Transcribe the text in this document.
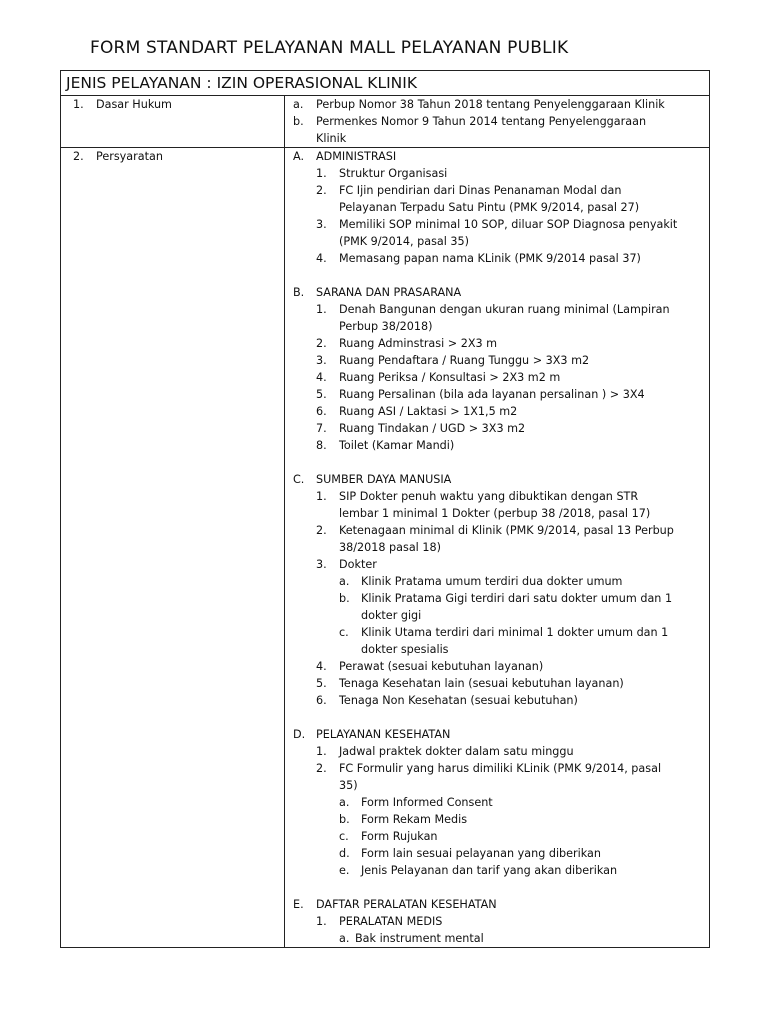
FORM STANDART PELAYANAN MALL PELAYANAN PUBLIK
JENIS PELAYANAN : IZIN OPERASIONAL KLINIK
1. Dasar Hukum	a. Perbup Nomor 38 Tahun 2018 tentang Penyelenggaraan Klinik
b. Permenkes Nomor 9 Tahun 2014 tentang Penyelenggaraan
Klinik
2. Persyaratan	A. ADMINISTRASI
1. Struktur Organisasi
2. FC Ijin pendirian dari Dinas Penanaman Modal dan
Pelayanan Terpadu Satu Pintu (PMK 9/2014, pasal 27)
3. Memiliki SOP minimal 10 SOP, diluar SOP Diagnosa penyakit
(PMK 9/2014, pasal 35)
4. Memasang papan nama KLinik (PMK 9/2014 pasal 37)
B. SARANA DAN PRASARANA
1. Denah Bangunan dengan ukuran ruang minimal (Lampiran
Perbup 38/2018)
2. Ruang Adminstrasi > 2X3 m
3. Ruang Pendaftara / Ruang Tunggu > 3X3 m2
4. Ruang Periksa / Konsultasi > 2X3 m2 m
5. Ruang Persalinan (bila ada layanan persalinan ) > 3X4
6. Ruang ASI / Laktasi > 1X1,5 m2
7. Ruang Tindakan / UGD > 3X3 m2
8. Toilet (Kamar Mandi)
C. SUMBER DAYA MANUSIA
1. SIP Dokter penuh waktu yang dibuktikan dengan STR
lembar 1 minimal 1 Dokter (perbup 38 /2018, pasal 17)
2. Ketenagaan minimal di Klinik (PMK 9/2014, pasal 13 Perbup
38/2018 pasal 18)
3. Dokter
a. Klinik Pratama umum terdiri dua dokter umum
b. Klinik Pratama Gigi terdiri dari satu dokter umum dan 1
dokter gigi
c. Klinik Utama terdiri dari minimal 1 dokter umum dan 1
dokter spesialis
4. Perawat (sesuai kebutuhan layanan)
5. Tenaga Kesehatan lain (sesuai kebutuhan layanan)
6. Tenaga Non Kesehatan (sesuai kebutuhan)
D. PELAYANAN KESEHATAN
1. Jadwal praktek dokter dalam satu minggu
2. FC Formulir yang harus dimiliki KLinik (PMK 9/2014, pasal
35)
a. Form Informed Consent
b. Form Rekam Medis
c. Form Rujukan
d. Form lain sesuai pelayanan yang diberikan
e. Jenis Pelayanan dan tarif yang akan diberikan
E. DAFTAR PERALATAN KESEHATAN
1. PERALATAN MEDIS
a. Bak instrument mental
